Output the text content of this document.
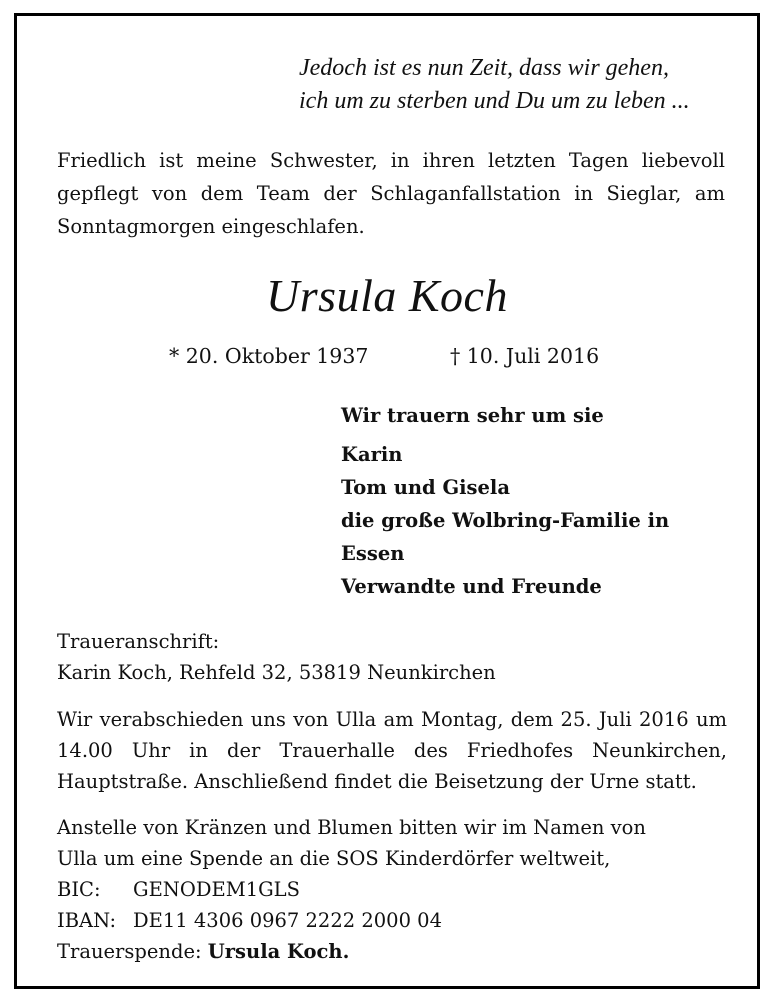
Jedoch ist es nun Zeit, dass wir gehen,
ich um zu sterben und Du um zu leben ...
Friedlich ist meine Schwester, in ihren letzten Tagen liebevoll gepflegt von dem Team der Schlaganfallstation in Sieglar, am Sonntagmorgen eingeschlafen.
Ursula Koch
* 20. Oktober 1937	† 10. Juli 2016
Wir trauern sehr um sie
Karin
Tom und Gisela
die große Wolbring-Familie in
Essen
Verwandte und Freunde
Traueranschrift:
Karin Koch, Rehfeld 32, 53819 Neunkirchen
Wir verabschieden uns von Ulla am Montag, dem 25. Juli 2016 um 14.00 Uhr in der Trauerhalle des Friedhofes Neunkirchen, Hauptstraße. Anschließend findet die Beisetzung der Urne statt.
Anstelle von Kränzen und Blumen bitten wir im Namen von
Ulla um eine Spende an die SOS Kinderdörfer weltweit,
BIC: GENODEM1GLS
IBAN: DE11 4306 0967 2222 2000 04
Trauerspende: Ursula Koch.
